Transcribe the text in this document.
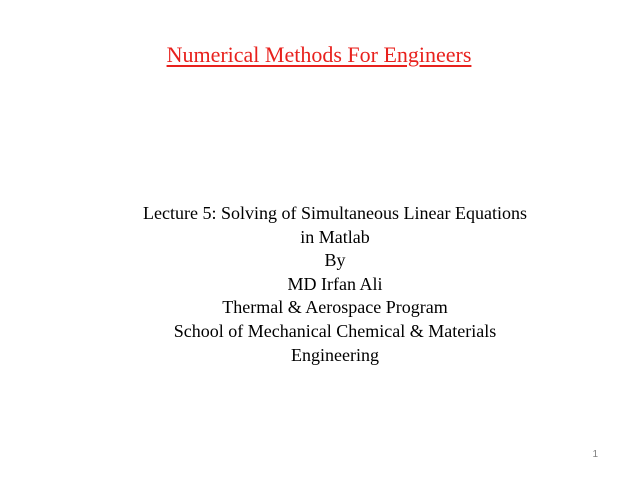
Numerical Methods For Engineers
Lecture 5: Solving of Simultaneous Linear Equations
in Matlab
By
MD Irfan Ali
Thermal & Aerospace Program
School of Mechanical Chemical & Materials
Engineering
1
